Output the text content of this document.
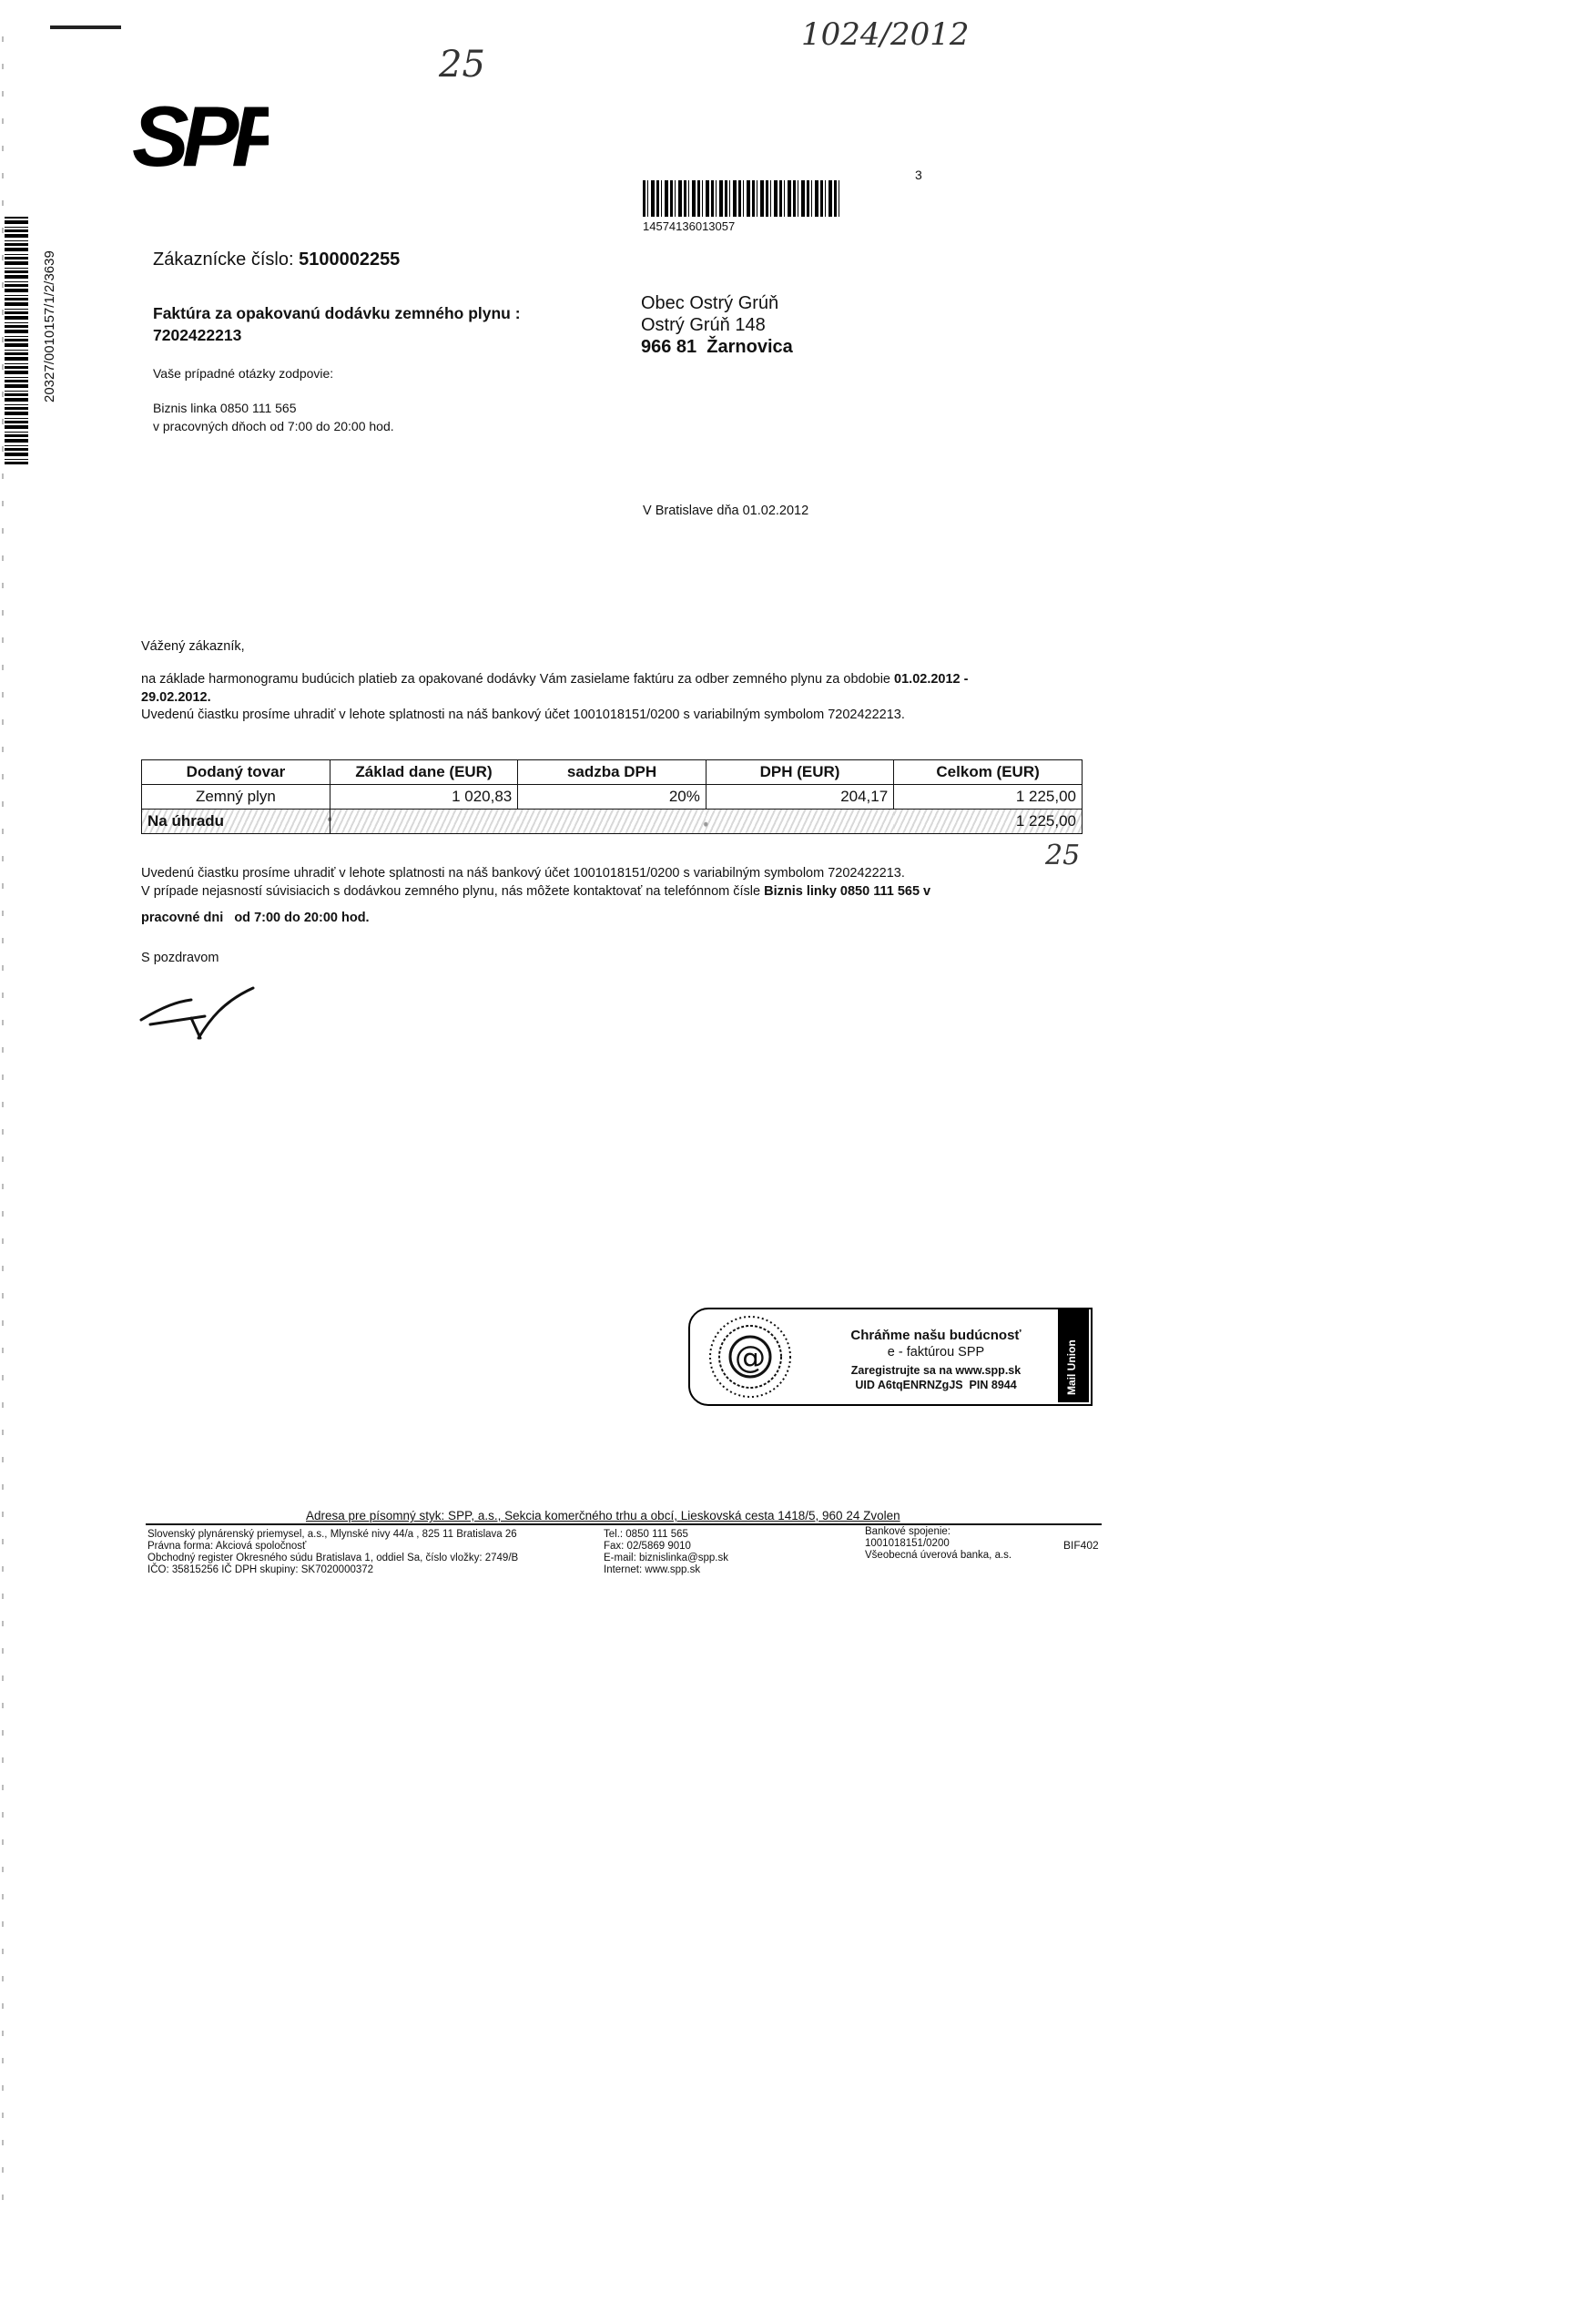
25
1024/2012
SPP
20327/0010157/1/2/3639
14574136013057
3
Zákaznícke číslo: 5100002255
Faktúra za opakovanú dodávku zemného plynu :
7202422213
Vaše prípadné otázky zodpovie:
Biznis linka 0850 111 565
v pracovných dňoch od 7:00 do 20:00 hod.
Obec Ostrý Grúň
Ostrý Grúň 148
966 81  Žarnovica
V Bratislave dňa 01.02.2012
Vážený zákazník,
na základe harmonogramu budúcich platieb za opakované dodávky Vám zasielame faktúru za odber zemného plynu za obdobie 01.02.2012 -
29.02.2012.
Uvedenú čiastku prosíme uhradiť v lehote splatnosti na náš bankový účet 1001018151/0200 s variabilným symbolom 7202422213.
Dodaný tovar	Základ dane (EUR)	sadzba DPH	DPH (EUR)	Celkom (EUR)
Zemný plyn	1 020,83	20%	204,17	1 225,00
Na úhradu				1 225,00
25
Uvedenú čiastku prosíme uhradiť v lehote splatnosti na náš bankový účet 1001018151/0200 s variabilným symbolom 7202422213.
V prípade nejasností súvisiacich s dodávkou zemného plynu, nás môžete kontaktovať na telefónnom čísle Biznis linky 0850 111 565 v
pracovné dni   od 7:00 do 20:00 hod.
S pozdravom
@
Chráňme našu budúcnosť
e - faktúrou SPP
Zaregistrujte sa na www.spp.sk
UID A6tqENRNZgJS  PIN 8944	Mail Union
Adresa pre písomný styk: SPP, a.s., Sekcia komerčného trhu a obcí, Lieskovská cesta 1418/5, 960 24 Zvolen
Slovenský plynárenský priemysel, a.s., Mlynské nivy 44/a , 825 11 Bratislava 26
Právna forma: Akciová spoločnosť
Obchodný register Okresného súdu Bratislava 1, oddiel Sa, číslo vložky: 2749/B
IČO: 35815256 IČ DPH skupiny: SK7020000372
Tel.: 0850 111 565
Fax: 02/5869 9010
E-mail: biznislinka@spp.sk
Internet: www.spp.sk
Bankové spojenie:
1001018151/0200
Všeobecná úverová banka, a.s.
BIF402
